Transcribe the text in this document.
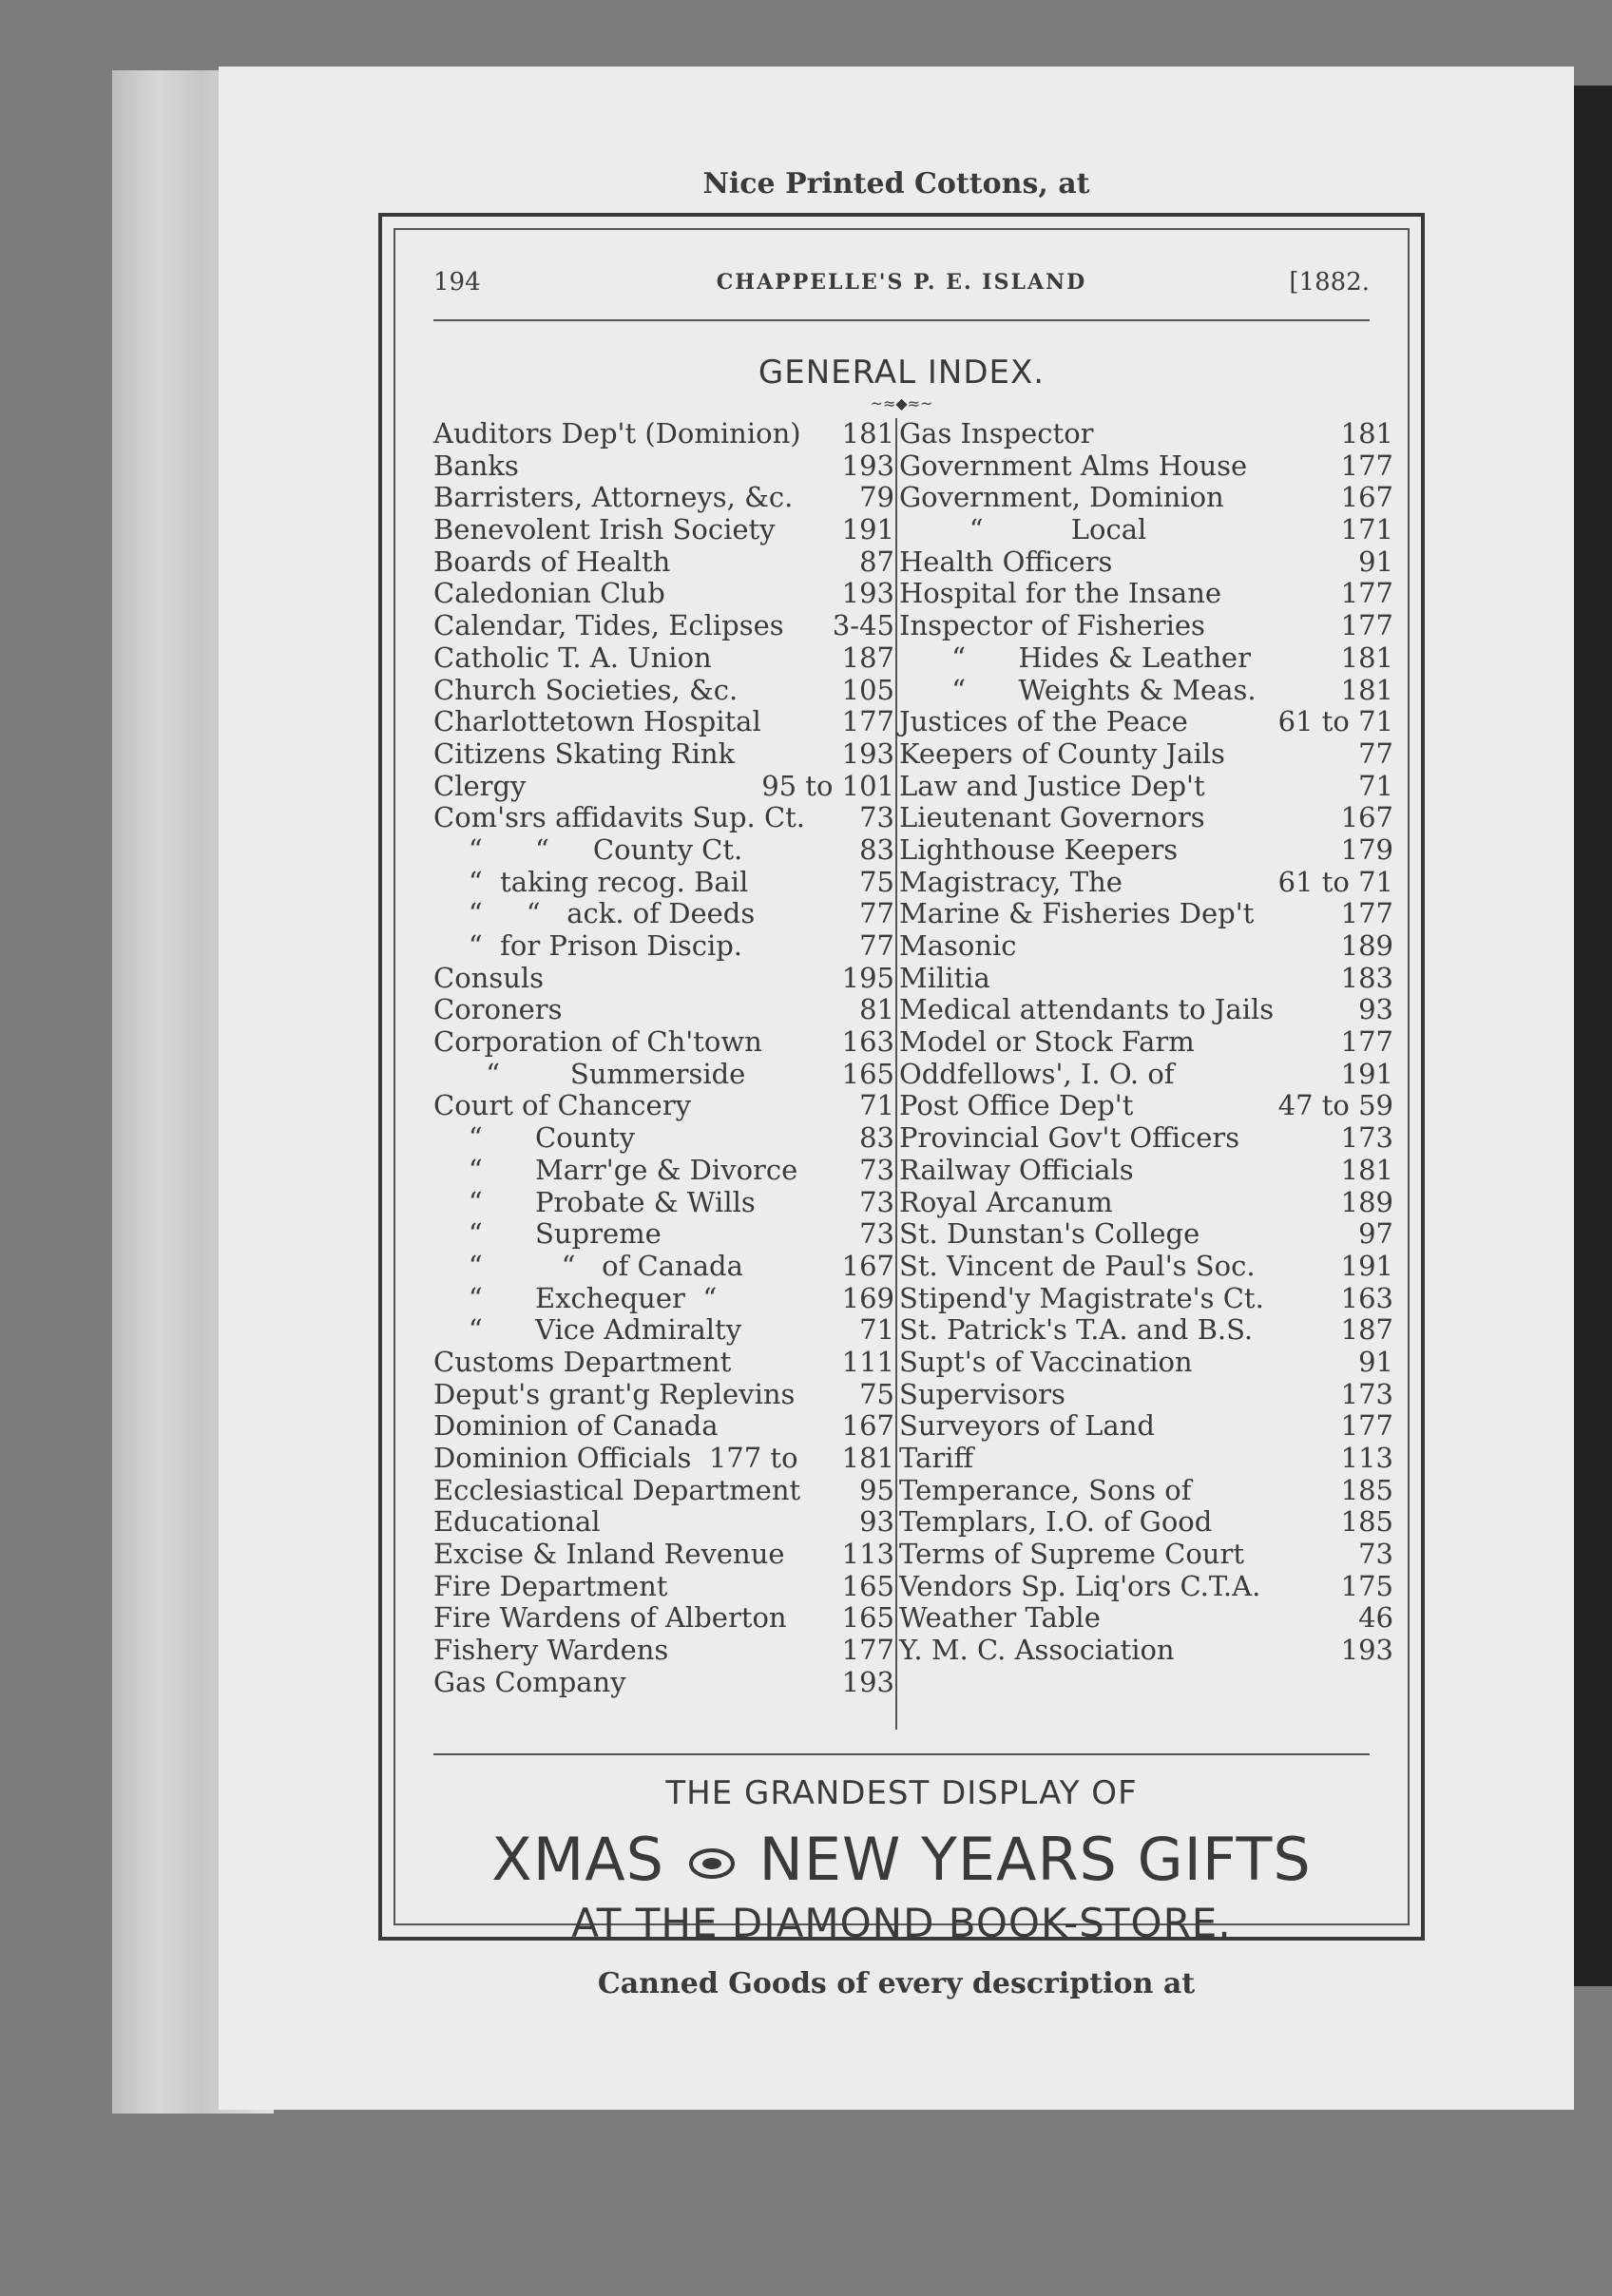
Nice Printed Cottons, at
194	CHAPPELLE'S P. E. ISLAND	[1882.
GENERAL INDEX.
~≈◆≈~
Auditors Dep't (Dominion) 181
Banks	193
Barristers, Attorneys, &c. 79
Benevolent Irish Society 191
Boards of Health	87
Caledonian Club	193
Calendar, Tides, Eclipses 3-45
Catholic T. A. Union	187
Church Societies, &c.	105
Charlottetown Hospital	177
Citizens Skating Rink	193
Clergy	95 to 101
Com'srs affidavits Sup. Ct. 73
“      “     County Ct.	83
“  taking recog. Bail	75
“     “   ack. of Deeds	77
“  for Prison Discip.	77
Consuls	195
Coroners	81
Corporation of Ch'town	163
“        Summerside	165
Court of Chancery	71
“      County	83
“      Marr'ge & Divorce 73
“      Probate & Wills	73
“      Supreme	73
“         “   of Canada	167
“      Exchequer  “	169
“      Vice Admiralty	71
Customs Department	111
Deput's grant'g Replevins 75
Dominion of Canada	167
Dominion Officials  177 to 181
Ecclesiastical Department 95
Educational	93
Excise & Inland Revenue 113
Fire Department	165
Fire Wardens of Alberton 165
Fishery Wardens	177
Gas Company	193
Gas Inspector	181
Government Alms House	177
Government, Dominion	167
“          Local	171
Health Officers	91
Hospital for the Insane	177
Inspector of Fisheries	177
“      Hides & Leather	181
“      Weights & Meas.	181
Justices of the Peace	61 to 71
Keepers of County Jails	77
Law and Justice Dep't	71
Lieutenant Governors	167
Lighthouse Keepers	179
Magistracy, The	61 to 71
Marine & Fisheries Dep't	177
Masonic	189
Militia	183
Medical attendants to Jails	93
Model or Stock Farm	177
Oddfellows', I. O. of	191
Post Office Dep't	47 to 59
Provincial Gov't Officers	173
Railway Officials	181
Royal Arcanum	189
St. Dunstan's College	97
St. Vincent de Paul's Soc.	191
Stipend'y Magistrate's Ct.	163
St. Patrick's T.A. and B.S.	187
Supt's of Vaccination	91
Supervisors	173
Surveyors of Land	177
Tariff	113
Temperance, Sons of	185
Templars, I.O. of Good	185
Terms of Supreme Court	73
Vendors Sp. Liq'ors C.T.A.	175
Weather Table	46
Y. M. C. Association	193
THE GRANDEST DISPLAY OF
XMAS NEW YEARS GIFTS
AT THE DIAMOND BOOK-STORE.
Canned Goods of every description at
